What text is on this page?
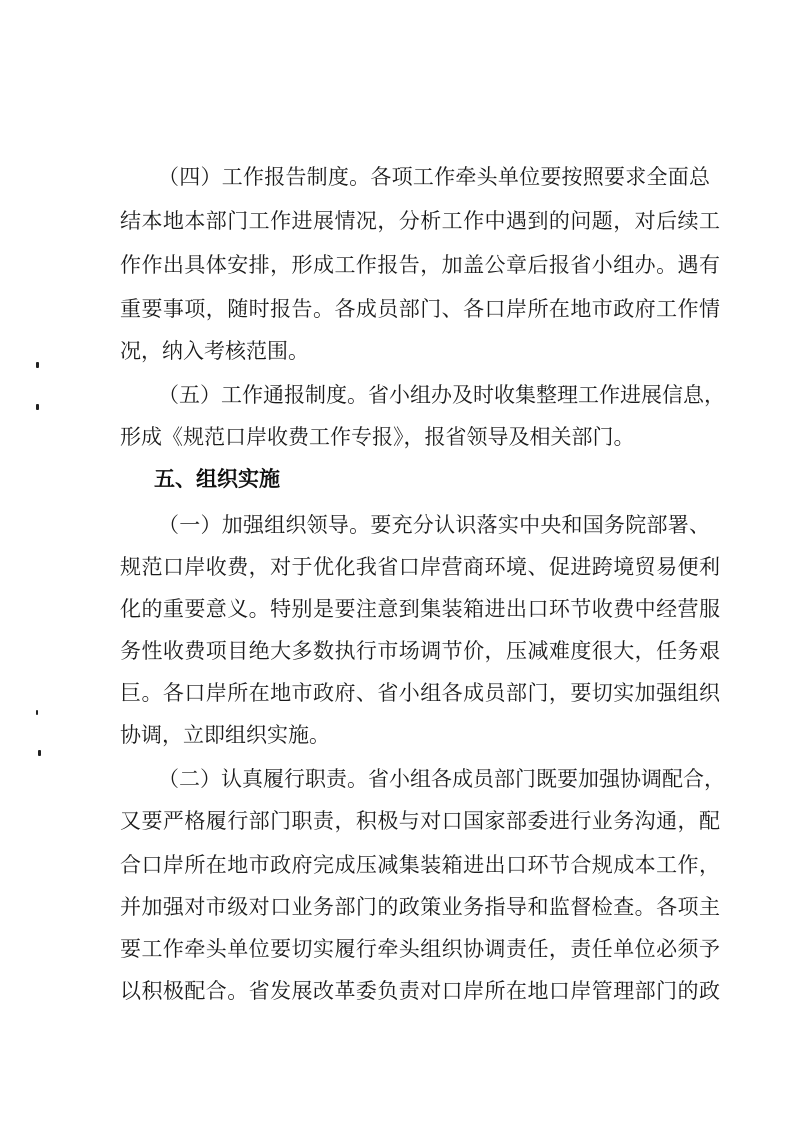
（四）工作报告制度。各项工作牵头单位要按照要求全面总

结本地本部门工作进展情况，分析工作中遇到的问题，对后续工

作作出具体安排，形成工作报告，加盖公章后报省小组办。遇有

重要事项，随时报告。各成员部门、各口岸所在地市政府工作情

况，纳入考核范围。

（五）工作通报制度。省小组办及时收集整理工作进展信息，

形成《规范口岸收费工作专报》，报省领导及相关部门。

五、组织实施

（一）加强组织领导。要充分认识落实中央和国务院部署、

规范口岸收费，对于优化我省口岸营商环境、促进跨境贸易便利

化的重要意义。特别是要注意到集装箱进出口环节收费中经营服

务性收费项目绝大多数执行市场调节价，压减难度很大，任务艰

巨。各口岸所在地市政府、省小组各成员部门，要切实加强组织

协调，立即组织实施。

（二）认真履行职责。省小组各成员部门既要加强协调配合，

又要严格履行部门职责，积极与对口国家部委进行业务沟通，配

合口岸所在地市政府完成压减集装箱进出口环节合规成本工作，

并加强对市级对口业务部门的政策业务指导和监督检查。各项主

要工作牵头单位要切实履行牵头组织协调责任，责任单位必须予

以积极配合。省发展改革委负责对口岸所在地口岸管理部门的政
